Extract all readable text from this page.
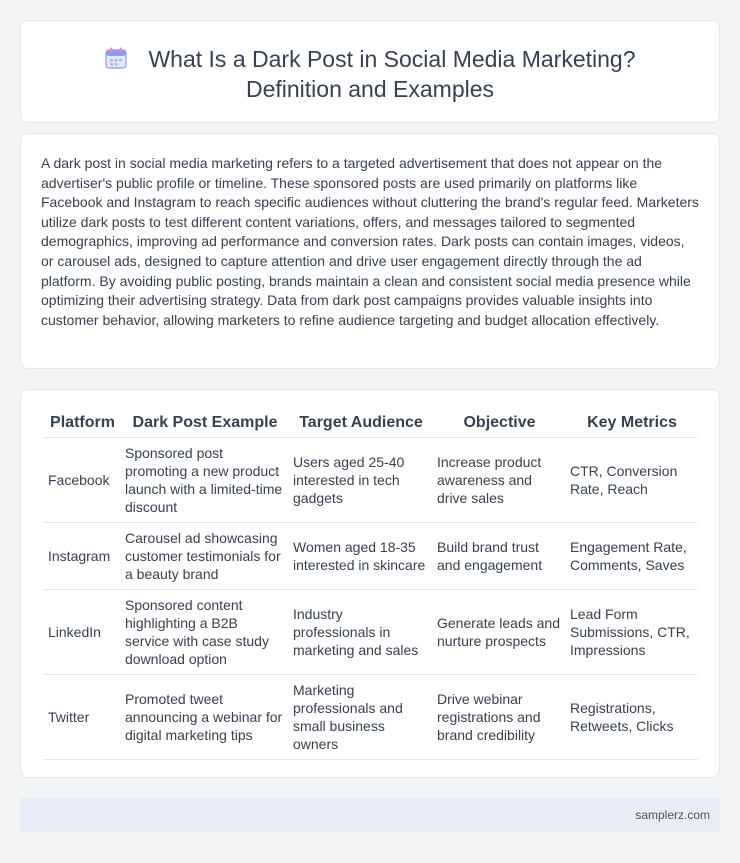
What Is a Dark Post in Social Media Marketing?
Definition and Examples

A dark post in social media marketing refers to a targeted advertisement that does not appear on the advertiser's public profile or timeline. These sponsored posts are used primarily on platforms like Facebook and Instagram to reach specific audiences without cluttering the brand's regular feed. Marketers utilize dark posts to test different content variations, offers, and messages tailored to segmented demographics, improving ad performance and conversion rates. Dark posts can contain images, videos, or carousel ads, designed to capture attention and drive user engagement directly through the ad platform. By avoiding public posting, brands maintain a clean and consistent social media presence while optimizing their advertising strategy. Data from dark post campaigns provides valuable insights into customer behavior, allowing marketers to refine audience targeting and budget allocation effectively.

Platform	Dark Post Example	Target Audience	Objective	Key Metrics
Facebook	Sponsored post promoting a new product launch with a limited-time discount	Users aged 25-40 interested in tech gadgets	Increase product awareness and drive sales	CTR, Conversion Rate, Reach
Instagram	Carousel ad showcasing customer testimonials for a beauty brand	Women aged 18-35 interested in skincare	Build brand trust and engagement	Engagement Rate, Comments, Saves
LinkedIn	Sponsored content highlighting a B2B service with case study download option	Industry professionals in marketing and sales	Generate leads and nurture prospects	Lead Form Submissions, CTR, Impressions
Twitter	Promoted tweet announcing a webinar for digital marketing tips	Marketing professionals and small business owners	Drive webinar registrations and brand credibility	Registrations, Retweets, Clicks
samplerz.com
